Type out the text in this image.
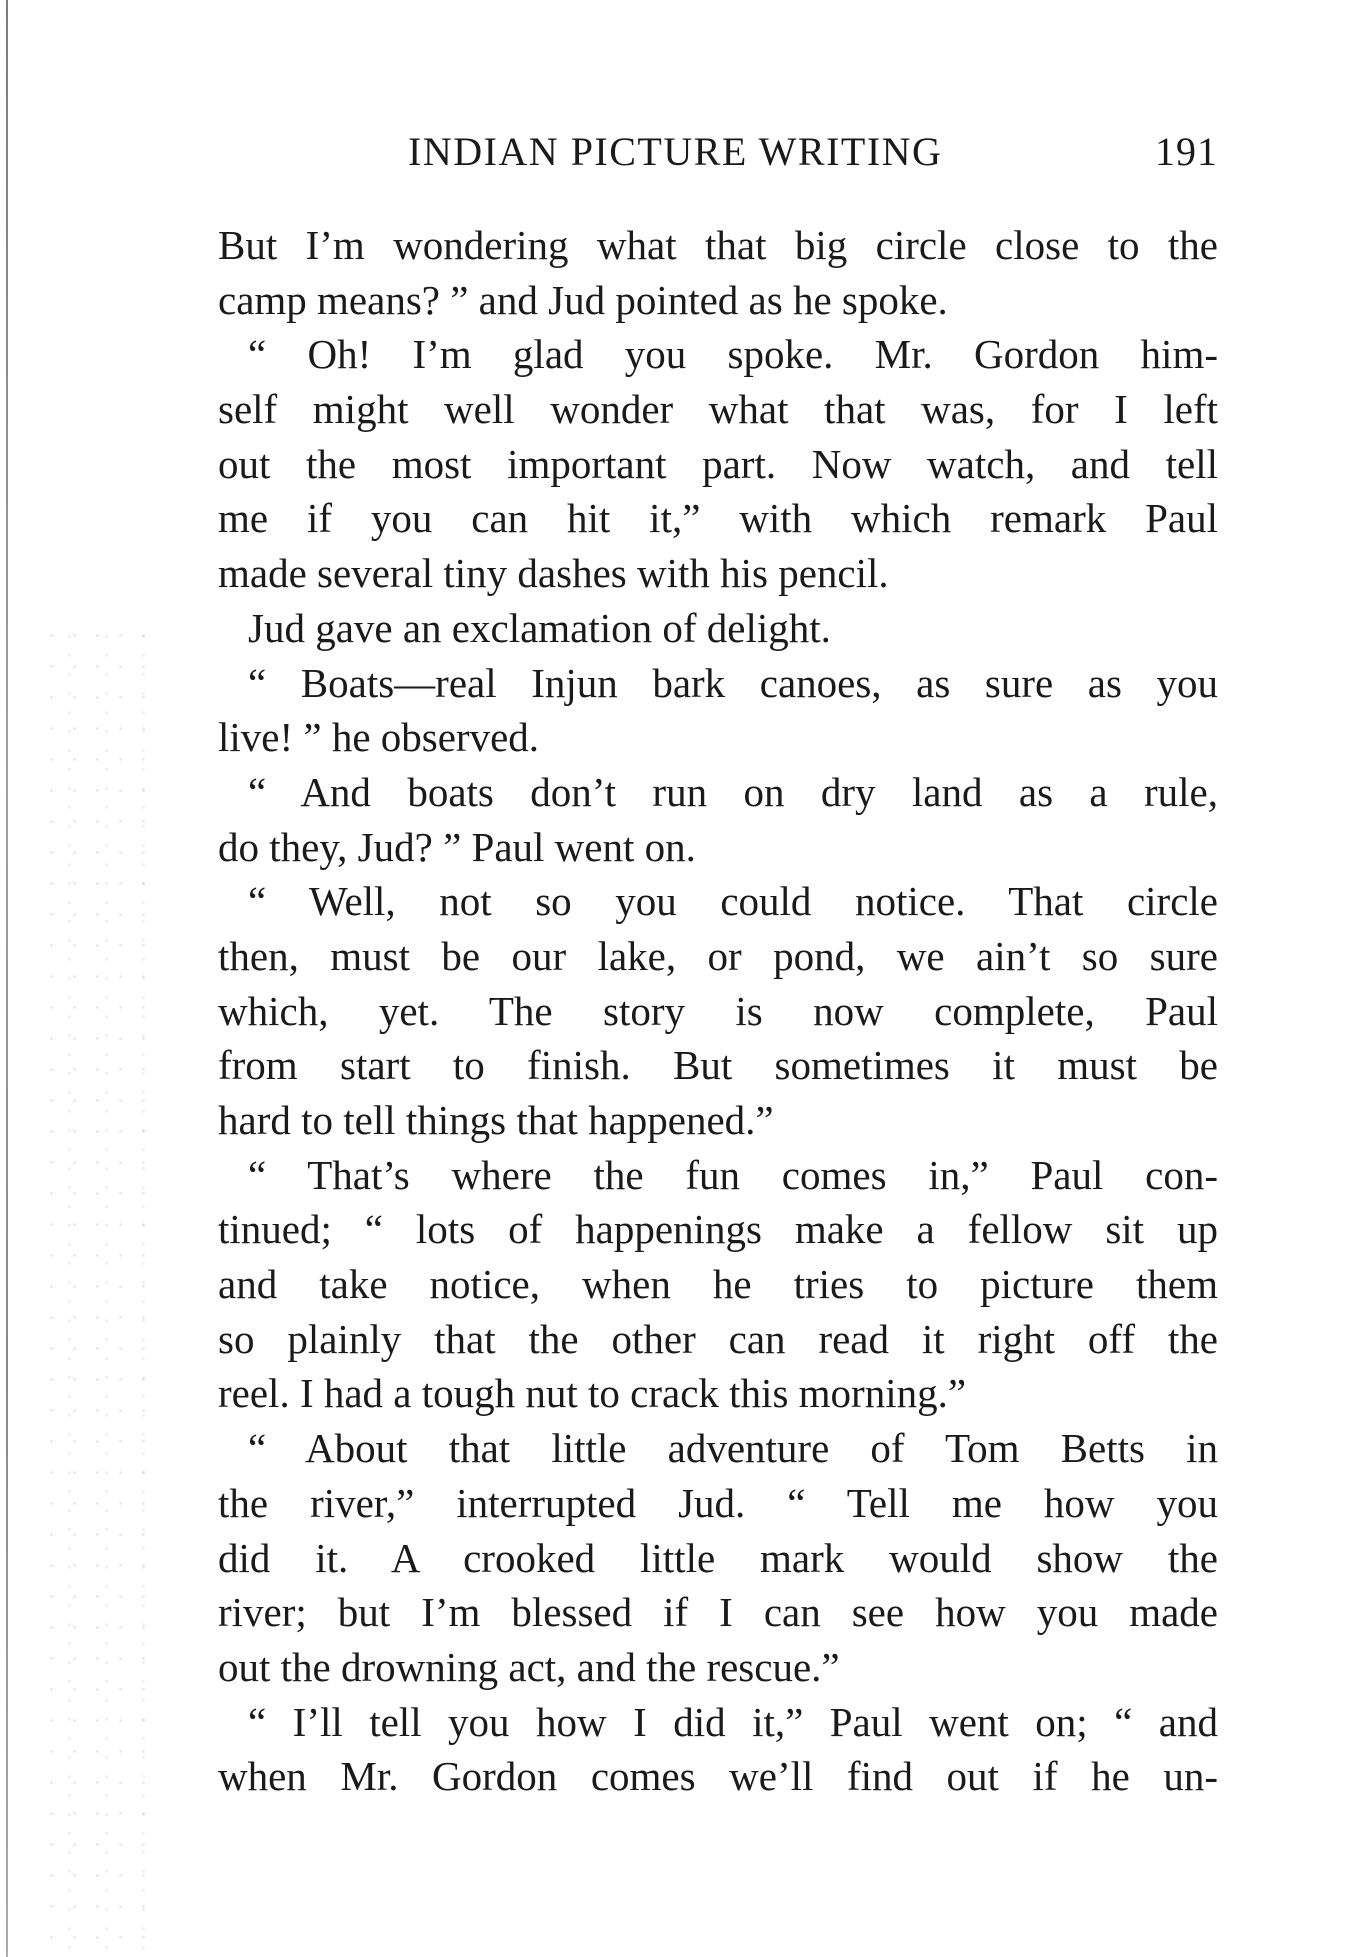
INDIAN PICTURE WRITING	191
But I’m wondering what that big circle close to the
camp means? ” and Jud pointed as he spoke.
“ Oh! I’m glad you spoke. Mr. Gordon him-
self might well wonder what that was, for I left
out the most important part. Now watch, and tell
me if you can hit it,” with which remark Paul
made several tiny dashes with his pencil.
Jud gave an exclamation of delight.
“ Boats—real Injun bark canoes, as sure as you
live! ” he observed.
“ And boats don’t run on dry land as a rule,
do they, Jud? ” Paul went on.
“ Well, not so you could notice. That circle
then, must be our lake, or pond, we ain’t so sure
which, yet. The story is now complete, Paul
from start to finish. But sometimes it must be
hard to tell things that happened.”
“ That’s where the fun comes in,” Paul con-
tinued; “ lots of happenings make a fellow sit up
and take notice, when he tries to picture them
so plainly that the other can read it right off the
reel. I had a tough nut to crack this morning.”
“ About that little adventure of Tom Betts in
the river,” interrupted Jud. “ Tell me how you
did it. A crooked little mark would show the
river; but I’m blessed if I can see how you made
out the drowning act, and the rescue.”
“ I’ll tell you how I did it,” Paul went on; “ and
when Mr. Gordon comes we’ll find out if he un-
